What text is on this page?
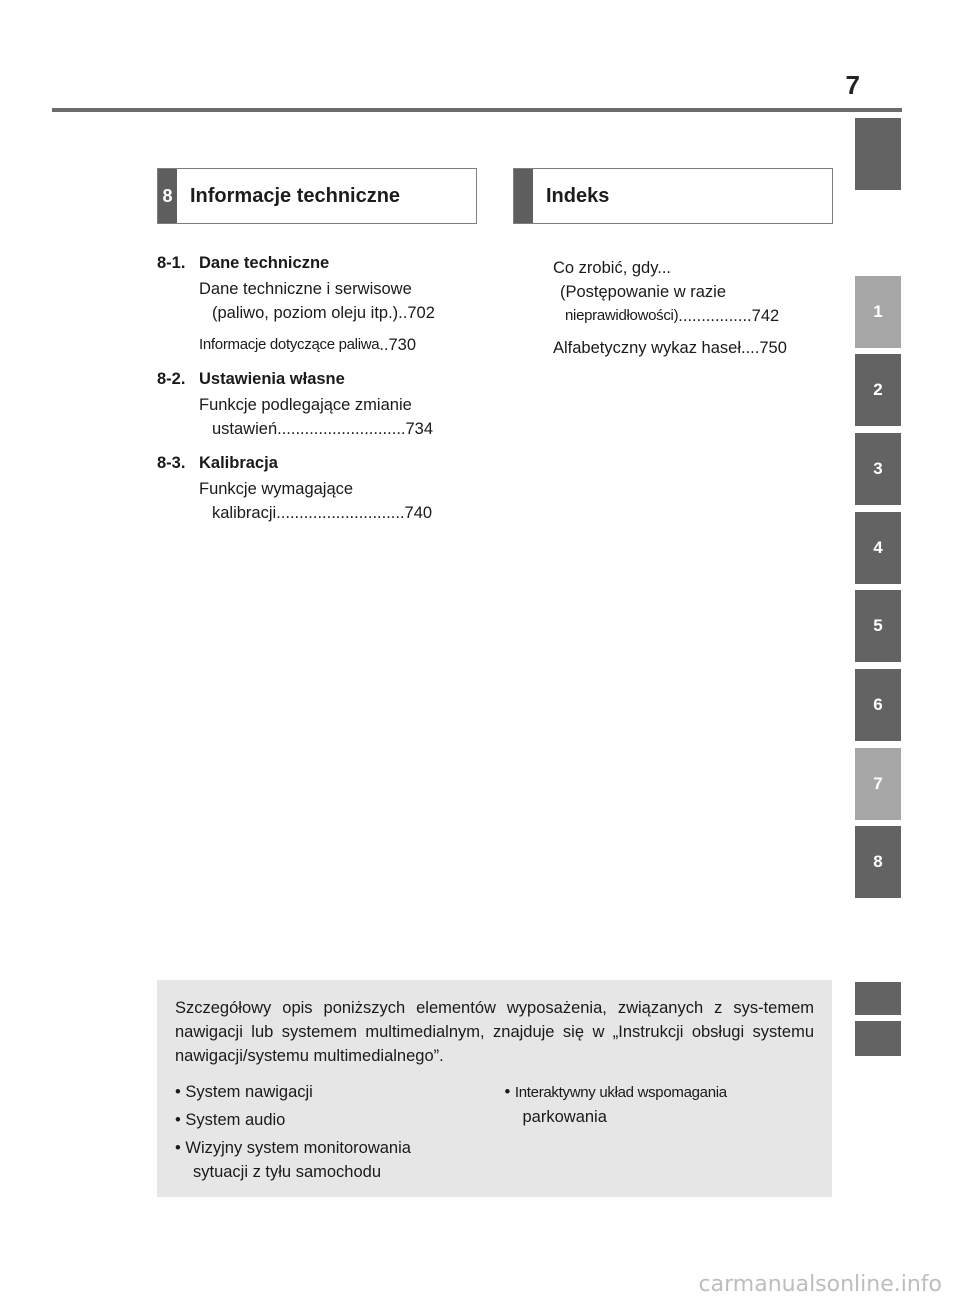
7
1
2
3
4
5
6
7
8
8 Informacje techniczne	Indeks
8-1. Dane techniczne
Dane techniczne i serwisowe
(paliwo, poziom oleju itp.) .. 702
Informacje dotyczące paliwa .. 730
8-2. Ustawienia własne
Funkcje podlegające zmianie
ustawień ............................ 734
8-3. Kalibracja
Funkcje wymagające
kalibracji ............................ 740
Co zrobić, gdy...
(Postępowanie w razie
nieprawidłowości) ................ 742
Alfabetyczny wykaz haseł .... 750
Szczegółowy opis poniższych elementów wyposażenia, związanych z sys-temem nawigacji lub systemem multimedialnym, znajduje się w „Instrukcji obsługi systemu nawigacji/systemu multimedialnego”.
• System nawigacji
• System audio
• Wizyjny system monitorowania
sytuacji z tyłu samochodu
• Interaktywny układ wspomagania
parkowania
carmanualsonline.info
